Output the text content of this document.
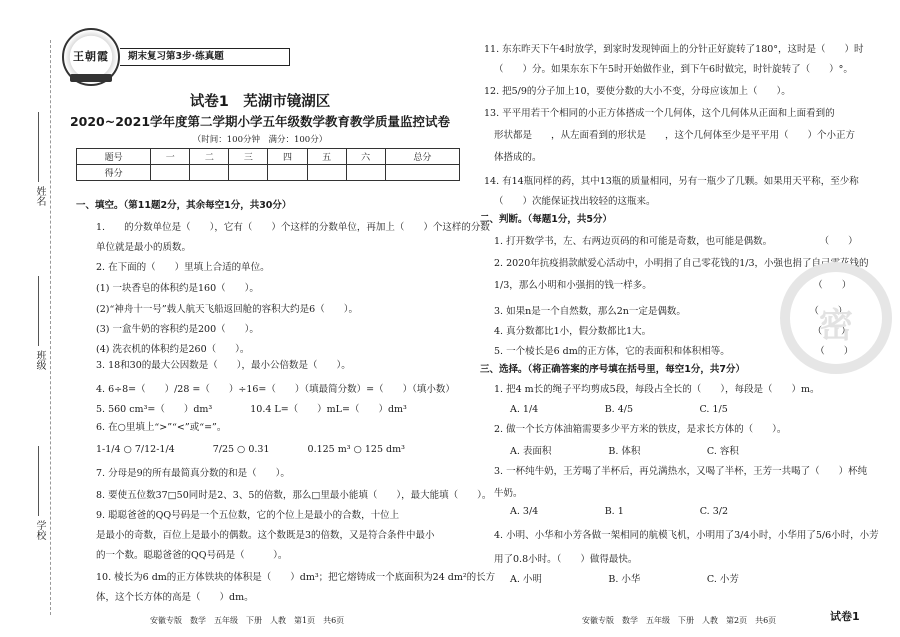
姓名
班级
学校
王朝霞	期末复习第3步·练真题
试卷1　芜湖市镜湖区
2020~2021学年度第二学期小学五年级数学教育教学质量监控试卷
（时间：100分钟　满分：100分）
题号	一	二	三	四	五	六	总分
得分							
一、填空。（第11题2分，其余每空1分，共30分）
1.　　的分数单位是（　　），它有（　　）个这样的分数单位，再加上（　　）个这样的分数
单位就是最小的质数。
2. 在下面的（　　）里填上合适的单位。
(1) 一块香皂的体积约是160（　　）。
(2)“神舟十一号”载人航天飞船返回舱的容积大约是6（　　）。
(3) 一盒牛奶的容积约是200（　　）。
(4) 洗衣机的体积约是260（　　）。
3. 18和30的最大公因数是（　　），最小公倍数是（　　）。
4. 6÷8=（　　）/28 =（　　）÷16=（　　）（填最简分数）=（　　）（填小数）
5. 560 cm³=（　　）dm³　　　　10.4 L=（　　）mL=（　　）dm³
6. 在○里填上“>”“<”或“=”。
1-1/4 ○ 7/12-1/4　　　　7/25 ○ 0.31　　　　0.125 m³ ○ 125 dm³
7. 分母是9的所有最简真分数的和是（　　）。
8. 要使五位数37□50同时是2、3、5的倍数，那么□里最小能填（　　），最大能填（　　）。
9. 聪聪爸爸的QQ号码是一个五位数，它的个位上是最小的合数，十位上
是最小的奇数，百位上是最小的偶数。这个数既是3的倍数，又是符合条件中最小
的一个数。聪聪爸爸的QQ号码是（　　　）。
10. 棱长为6 dm的正方体铁块的体积是（　　）dm³；把它熔铸成一个底面积为24 dm²的长方
体，这个长方体的高是（　　）dm。
安徽专版　数学　五年级　下册　人教　第1页　共6页
11. 东东昨天下午4时放学，到家时发现钟面上的分针正好旋转了180°，这时是（　　）时
（　　）分。如果东东下午5时开始做作业，到下午6时做完，时针旋转了（　　）°。
12. 把5/9的分子加上10，要使分数的大小不变，分母应该加上（　　）。
13. 平平用若干个相同的小正方体搭成一个几何体，这个几何体从正面和上面看到的
形状都是　　，从左面看到的形状是　　，这个几何体至少是平平用（　　）个小正方
体搭成的。
14. 有14瓶同样的药，其中13瓶的质量相同，另有一瓶少了几颗。如果用天平称，至少称
（　　）次能保证找出较轻的这瓶来。
二、判断。（每题1分，共5分）
1. 打开数学书，左、右两边页码的和可能是奇数，也可能是偶数。　　　　　　（　　）
2. 2020年抗疫捐款献爱心活动中，小明捐了自己零花钱的1/3，小强也捐了自己零花钱的
1/3，那么小明和小强捐的钱一样多。　　　　　　　　　　　　　　　　　　（　　）
3. 如果n是一个自然数，那么2n一定是偶数。　　　　　　　　　　　　　　（　　）
4. 真分数都比1小，假分数都比1大。　　　　　　　　　　　　　　　　　　（　　）
5. 一个棱长是6 dm的正方体，它的表面积和体积相等。　　　　　　　　　　（　　）
三、选择。（将正确答案的序号填在括号里，每空1分，共7分）
1. 把4 m长的绳子平均剪成5段，每段占全长的（　　），每段是（　　）m。
A. 1/4　　　　　　　B. 4/5　　　　　　　C. 1/5
2. 做一个长方体油箱需要多少平方米的铁皮，是求长方体的（　　）。
A. 表面积　　　　　　B. 体积　　　　　　　C. 容积
3. 一杯纯牛奶，王芳喝了半杯后，再兑满热水，又喝了半杯，王芳一共喝了（　　）杯纯
牛奶。
A. 3/4　　　　　　　B. 1　　　　　　　　C. 3/2
4. 小明、小华和小芳各做一架相同的航模飞机，小明用了3/4小时，小华用了5/6小时，小芳
用了0.8小时。（　　）做得最快。
A. 小明　　　　　　　B. 小华　　　　　　　C. 小芳
安徽专版　数学　五年级　下册　人教　第2页　共6页
密
试卷1
